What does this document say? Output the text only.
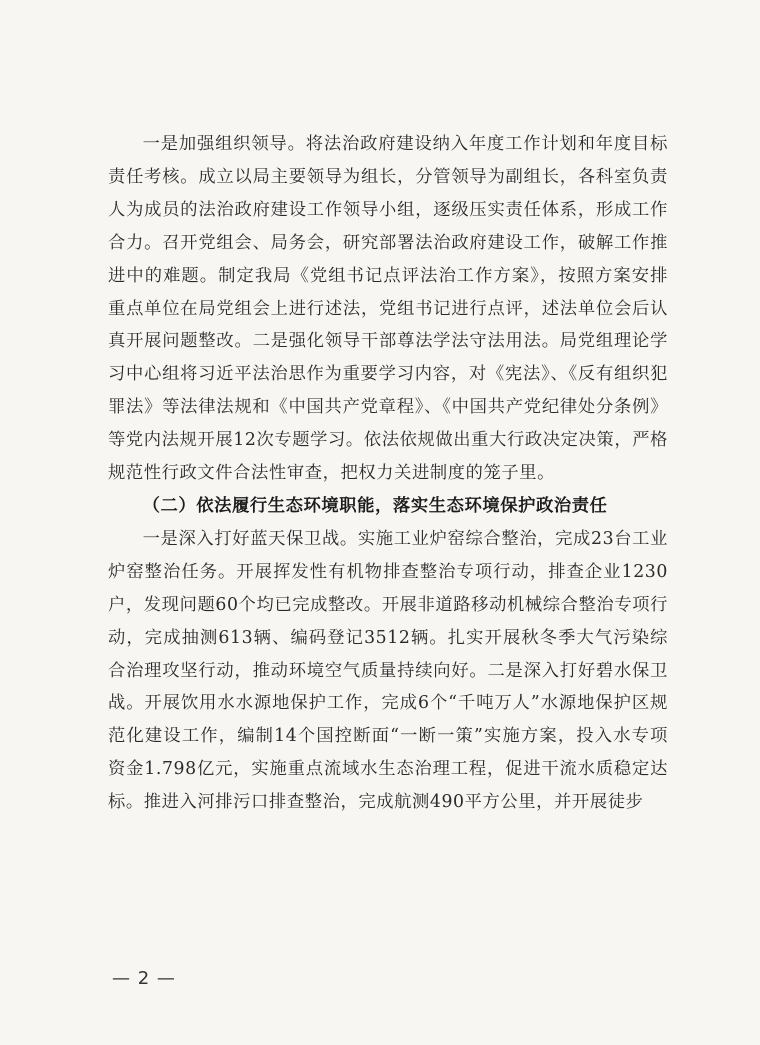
一是加强组织领导。将法治政府建设纳入年度工作计划和年度目标责任考核。成立以局主要领导为组长，分管领导为副组长，各科室负责人为成员的法治政府建设工作领导小组，逐级压实责任体系，形成工作合力。召开党组会、局务会，研究部署法治政府建设工作，破解工作推进中的难题。制定我局《党组书记点评法治工作方案》，按照方案安排重点单位在局党组会上进行述法，党组书记进行点评，述法单位会后认真开展问题整改。二是强化领导干部尊法学法守法用法。局党组理论学习中心组将习近平法治思作为重要学习内容，对《宪法》、《反有组织犯罪法》等法律法规和《中国共产党章程》、《中国共产党纪律处分条例》等党内法规开展12次专题学习。依法依规做出重大行政决定决策，严格规范性行政文件合法性审查，把权力关进制度的笼子里。

（二）依法履行生态环境职能，落实生态环境保护政治责任

一是深入打好蓝天保卫战。实施工业炉窑综合整治，完成23台工业炉窑整治任务。开展挥发性有机物排查整治专项行动，排查企业1230户，发现问题60个均已完成整改。开展非道路移动机械综合整治专项行动，完成抽测613辆、编码登记3512辆。扎实开展秋冬季大气污染综合治理攻坚行动，推动环境空气质量持续向好。二是深入打好碧水保卫战。开展饮用水水源地保护工作，完成6个“千吨万人”水源地保护区规范化建设工作，编制14个国控断面“一断一策”实施方案，投入水专项资金1.798亿元，实施重点流域水生态治理工程，促进干流水质稳定达标。推进入河排污口排查整治，完成航测490平方公里，并开展徒步

— 2 —
